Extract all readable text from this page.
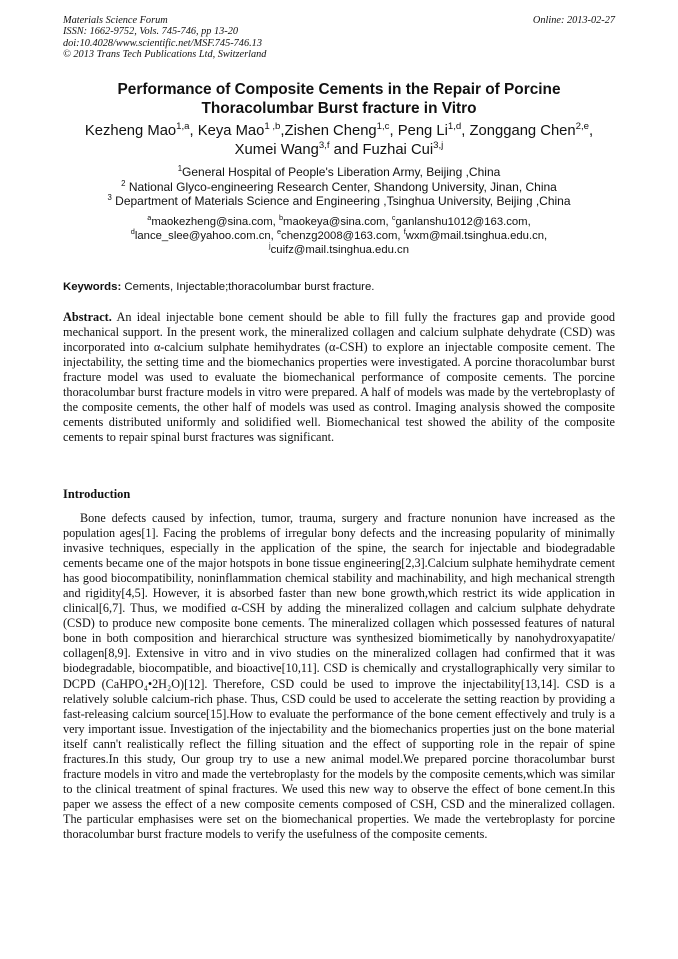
Materials Science Forum
ISSN: 1662-9752, Vols. 745-746, pp 13-20
doi:10.4028/www.scientific.net/MSF.745-746.13
© 2013 Trans Tech Publications Ltd, Switzerland
Online: 2013-02-27
Performance of Composite Cements in the Repair of Porcine
Thoracolumbar Burst fracture in Vitro
Kezheng Mao$^{1,a}$, Keya Mao$^{1 ,b}$,Zishen Cheng$^{1,c}$, Peng Li$^{1,d}$, Zonggang Chen$^{2,e}$,
Xumei Wang$^{3,f}$ and Fuzhai Cui$^{3,j}$
$^1$General Hospital of People's Liberation Army, Beijing ,China
$^2$ National Glyco-engineering Research Center, Shandong University, Jinan, China
$^3$ Department of Materials Science and Engineering ,Tsinghua University, Beijing ,China
$^a$maokezheng@sina.com, $^b$maokeya@sina.com, $^c$ganlanshu1012@163.com,
$^d$lance_slee@yahoo.com.cn, $^e$chenzg2008@163.com, $^f$wxm@mail.tsinghua.edu.cn,
$^j$cuifz@mail.tsinghua.edu.cn
Keywords: Cements, Injectable;thoracolumbar burst fracture.
Abstract. An ideal injectable bone cement should be able to fill fully the fractures gap and provide good mechanical support. In the present work, the mineralized collagen and calcium sulphate dehydrate (CSD) was incorporated into α-calcium sulphate hemihydrates (α-CSH) to explore an injectable composite cement. The injectability, the setting time and the biomechanics properties were investigated. A porcine thoracolumbar burst fracture model was used to evaluate the biomechanical performance of composite cements. The porcine thoracolumbar burst fracture models in vitro were prepared. A half of models was made by the vertebroplasty of the composite cements, the other half of models was used as control. Imaging analysis showed the composite cements distributed uniformly and solidified well. Biomechanical test showed the ability of the composite cements to repair spinal burst fractures was significant.
Introduction

Bone defects caused by infection, tumor, trauma, surgery and fracture nonunion have increased as the population ages[1]. Facing the problems of irregular bony defects and the increasing popularity of minimally invasive techniques, especially in the application of the spine, the search for injectable and biodegradable cements became one of the major hotspots in bone tissue engineering[2,3].Calcium sulphate hemihydrate cement has good biocompatibility, noninflammation chemical stability and machinability, and high mechanical strength and rigidity[4,5]. However, it is absorbed faster than new bone growth,which restrict its wide application in clinical[6,7]. Thus, we modified α-CSH by adding the mineralized collagen and calcium sulphate dehydrate (CSD) to produce new composite bone cements. The mineralized collagen which possessed features of natural bone in both composition and hierarchical structure was synthesized biomimetically by nanohydroxyapatite/ collagen[8,9]. Extensive in vitro and in vivo studies on the mineralized collagen had confirmed that it was biodegradable, biocompatible, and bioactive[10,11]. CSD is chemically and crystallographically very similar to DCPD (CaHPO₄•2H₂O)[12]. Therefore, CSD could be used to improve the injectability[13,14]. CSD is a relatively soluble calcium-rich phase. Thus, CSD could be used to accelerate the setting reaction by providing a fast-releasing calcium source[15].How to evaluate the performance of the bone cement effectively and truly is a very important issue. Investigation of the injectability and the biomechanics properties just on the bone material itself cann't realistically reflect the filling situation and the effect of supporting role in the repair of spine fractures.In this study, Our group try to use a new animal model.We prepared porcine thoracolumbar burst fracture models in vitro and made the vertebroplasty for the models by the composite cements,which was similar to the clinical treatment of spinal fractures. We used this new way to observe the effect of bone cement.In this paper we assess the effect of a new composite cements composed of CSH, CSD and the mineralized collagen. The particular emphasises were set on the biomechanical properties. We made the vertebroplasty for porcine thoracolumbar burst fracture models to verify the usefulness of the composite cements.
